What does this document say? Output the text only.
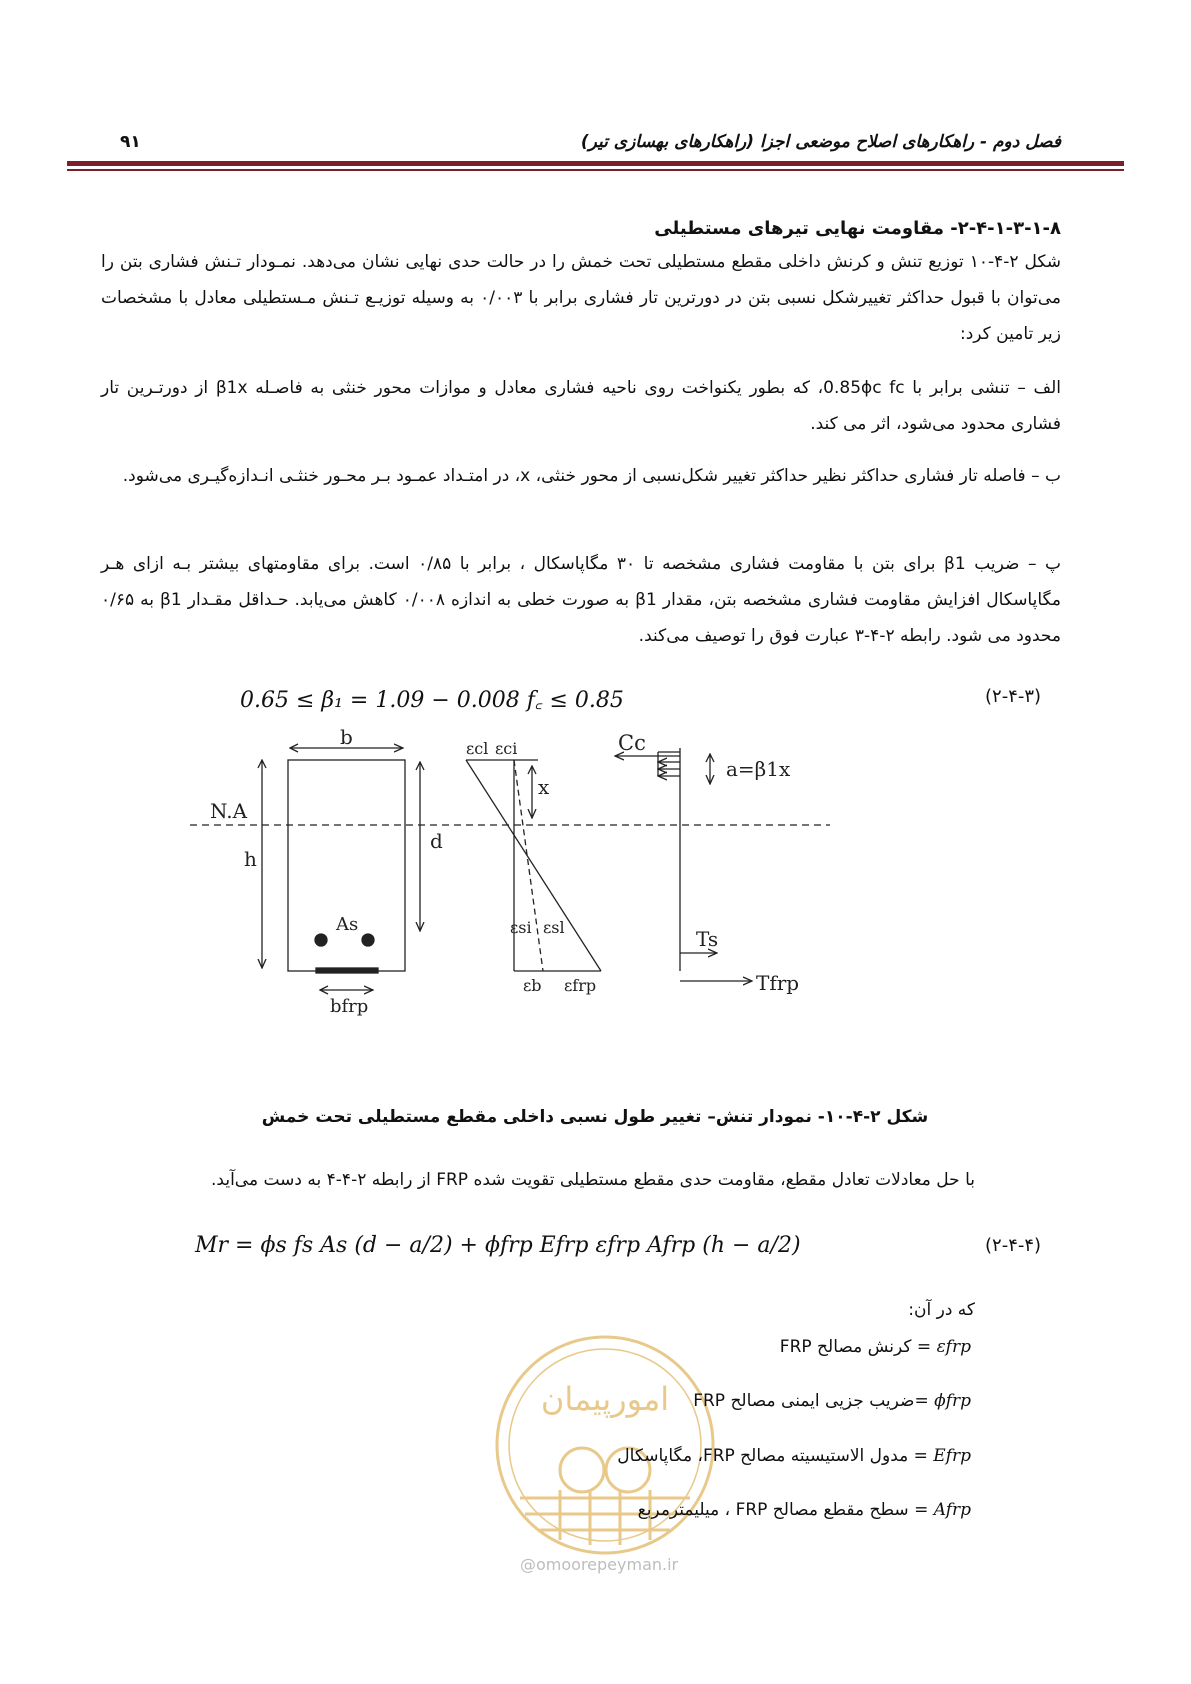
فصل دوم - راهکارهای اصلاح موضعی اجزا (راهکارهای بهسازی تیر)
۹۱
۲-۴-۱-۳-۱-۸- مقاومت نهایی تیرهای مستطیلی
شکل ۲-۴-۱۰ توزیع تنش و کرنش داخلی مقطع مستطیلی تحت خمش را در حالت حدی نهایی نشان می‌دهد. نمـودار تـنش فشاری بتن را می‌توان با قبول حداکثر تغییرشکل نسبی بتن در دورترین تار فشاری برابر با ۰/۰۰۳ به وسیله توزیـع تـنش مـستطیلی معادل با مشخصات زیر تامین کرد:
الف – تنشی برابر با 0.85ϕc fc، که بطور یکنواخت روی ناحیه فشاری معادل و موازات محور خنثی به فاصـله β1x از دورتـرین تار فشاری محدود می‌شود، اثر می کند.
ب – فاصله تار فشاری حداکثر نظیر حداکثر تغییر شکل‌نسبی از محور خنثی، x، در امتـداد عمـود بـر محـور خنثـی انـدازه‌گیـری می‌شود.
پ – ضریب β1 برای بتن با مقاومت فشاری مشخصه تا ۳۰ مگاپاسکال ، برابر با ۰/۸۵ است. برای مقاومتهای بیشتر بـه ازای هـر مگاپاسکال افزایش مقاومت فشاری مشخصه بتن، مقدار β1 به صورت خطی به اندازه ۰/۰۰۸ کاهش می‌یابد. حـداقل مقـدار β1 به ۰/۶۵ محدود می شود. رابطه ۲-۴-۳ عبارت فوق را توصیف می‌کند.
0.65 ≤ β₁ = 1.09 − 0.008 f꜀ ≤ 0.85	(۲-۴-۳)
b
N.A
h
d
As
bfrp
εcl εci
x
εsi εsl
εb εfrp
Cc
a=β1x
Ts
Tfrp
شکل ۲-۴-۱۰- نمودار تنش– تغییر طول نسبی داخلی مقطع مستطیلی تحت خمش
با حل معادلات تعادل مقطع، مقاومت حدی مقطع مستطیلی تقویت شده FRP از رابطه ۲-۴-۴ به دست می‌آید.
Mr = ϕs fs As (d − a/2) + ϕfrp Efrp εfrp Afrp (h − a/2)	(۲-۴-۴)
که در آن:
امورپیمان
εfrp = کرنش مصالح FRP
ϕfrp =ضریب جزیی ایمنی مصالح FRP
Efrp = مدول الاستیسیته مصالح FRP، مگاپاسکال
Afrp = سطح مقطع مصالح FRP ، میلیمترمربع
@omoorepeyman.ir
